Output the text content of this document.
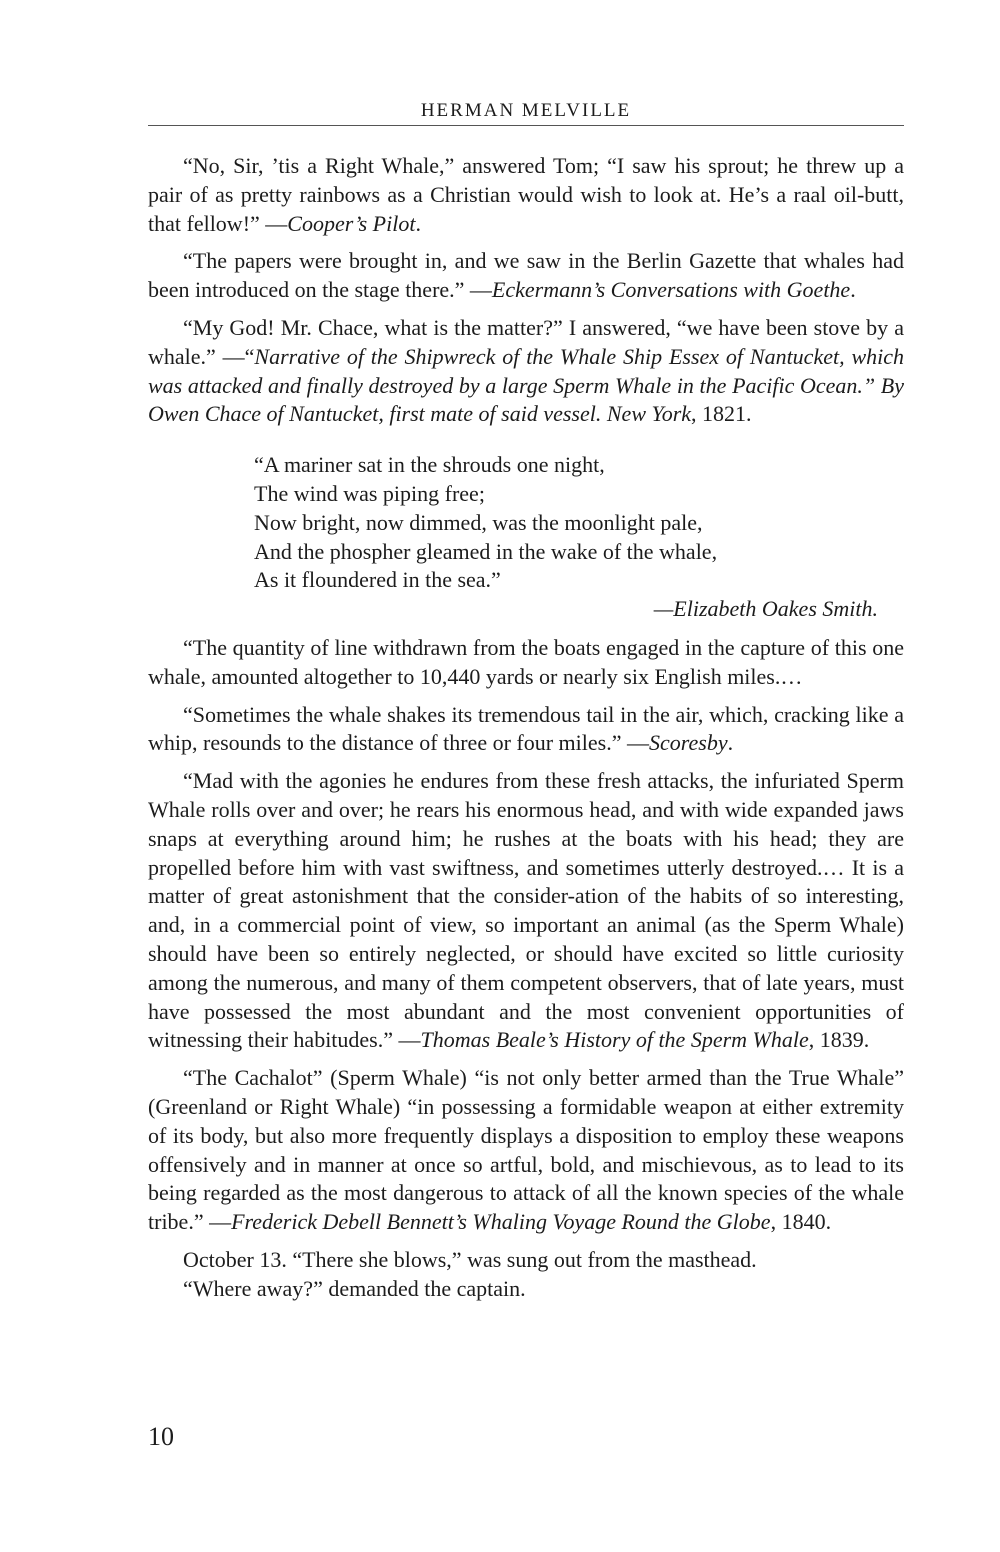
HERMAN MELVILLE

“No, Sir, ’tis a Right Whale,” answered Tom; “I saw his sprout; he threw up a pair of as pretty rainbows as a Christian would wish to look at. He’s a raal oil-butt, that fellow!” —Cooper’s Pilot.

“The papers were brought in, and we saw in the Berlin Gazette that whales had been introduced on the stage there.” —Eckermann’s Conversations with Goethe.

“My God! Mr. Chace, what is the matter?” I answered, “we have been stove by a whale.” —“Narrative of the Shipwreck of the Whale Ship Essex of Nantucket, which was attacked and finally destroyed by a large Sperm Whale in the Pacific Ocean.” By Owen Chace of Nantucket, first mate of said vessel. New York, 1821.

“A mariner sat in the shrouds one night,
The wind was piping free;
Now bright, now dimmed, was the moonlight pale,
And the phospher gleamed in the wake of the whale,
As it floundered in the sea.”
—Elizabeth Oakes Smith.

“The quantity of line withdrawn from the boats engaged in the capture of this one whale, amounted altogether to 10,440 yards or nearly six English miles.…

“Sometimes the whale shakes its tremendous tail in the air, which, cracking like a whip, resounds to the distance of three or four miles.” —Scoresby.

“Mad with the agonies he endures from these fresh attacks, the infuriated Sperm Whale rolls over and over; he rears his enormous head, and with wide expanded jaws snaps at everything around him; he rushes at the boats with his head; they are propelled before him with vast swiftness, and sometimes utterly destroyed.… It is a matter of great astonishment that the consider-ation of the habits of so interesting, and, in a commercial point of view, so important an animal (as the Sperm Whale) should have been so entirely neglected, or should have excited so little curiosity among the numerous, and many of them competent observers, that of late years, must have possessed the most abundant and the most convenient opportunities of witnessing their habitudes.” —Thomas Beale’s History of the Sperm Whale, 1839.

“The Cachalot” (Sperm Whale) “is not only better armed than the True Whale” (Greenland or Right Whale) “in possessing a formidable weapon at either extremity of its body, but also more frequently displays a disposition to employ these weapons offensively and in manner at once so artful, bold, and mischievous, as to lead to its being regarded as the most dangerous to attack of all the known species of the whale tribe.” —Frederick Debell Bennett’s Whaling Voyage Round the Globe, 1840.

October 13. “There she blows,” was sung out from the masthead.

“Where away?” demanded the captain.

10
